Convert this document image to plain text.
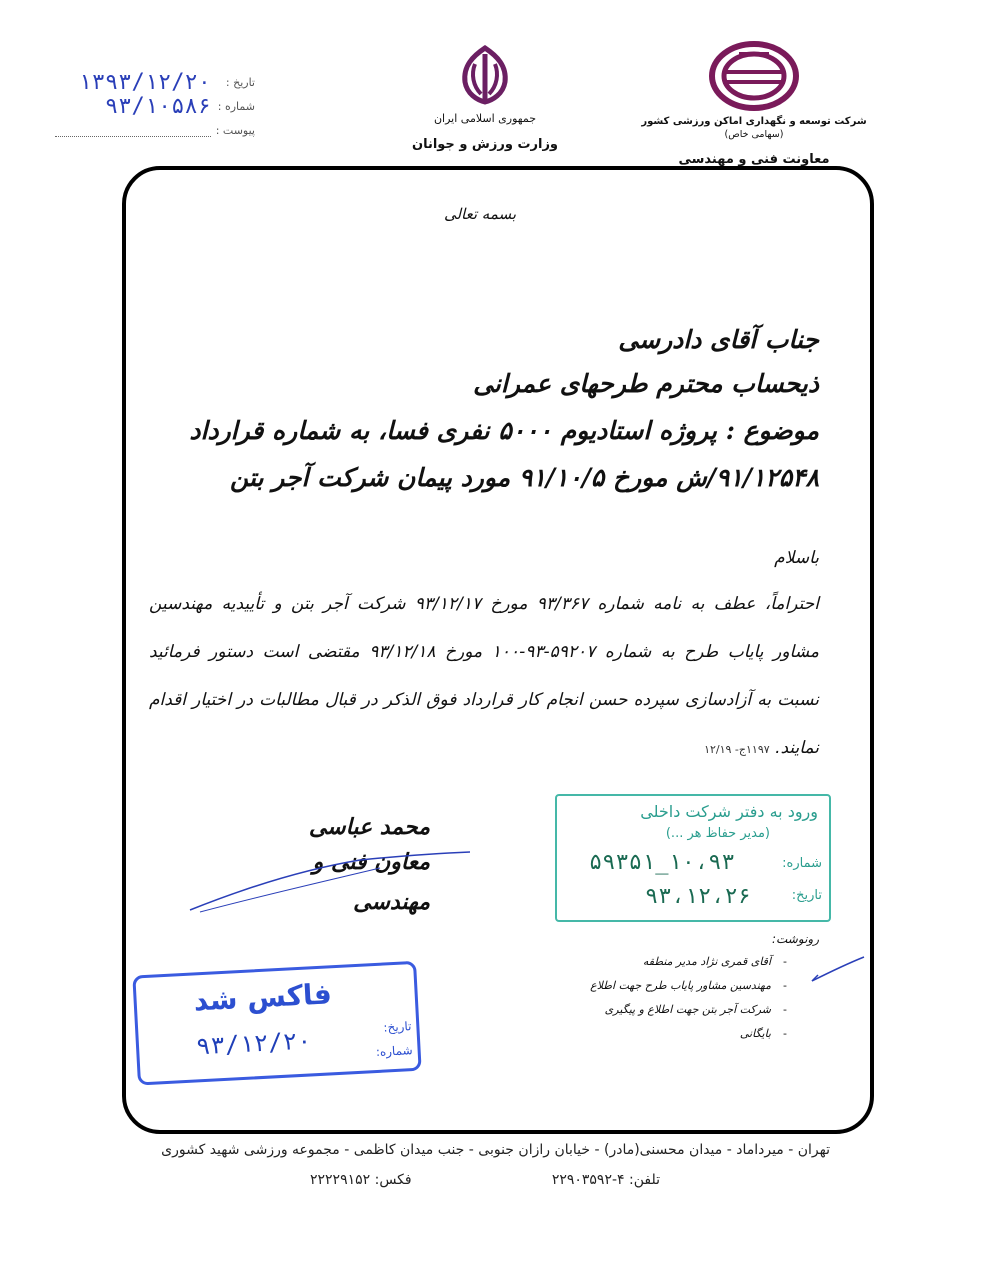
شرکت توسعه و نگهداری اماکن ورزشی کشور
(سهامی خاص)
معاونت فنی و مهندسی
جمهوری اسلامی ایران
وزارت ورزش و جوانان
تاریخ :
۱۳۹۳/۱۲/۲۰
شماره :
۹۳/۱۰۵۸۶
پیوست :
بسمه تعالی

جناب آقای دادرسی

ذیحساب محترم طرحهای عمرانی

موضوع : پروژه استادیوم ۵۰۰۰ نفری فسا، به شماره قرارداد

۹۱/۱۲۵۴۸/ش مورخ ۹۱/۱۰/۵ مورد پیمان شرکت آجر بتن

باسلام
احتراماً، عطف به نامه شماره ۹۳/۳۶۷ مورخ ۹۳/۱۲/۱۷ شرکت آجر بتن و تأییدیه مهندسین مشاور پایاب طرح به شماره ۵۹۲۰۷-۹۳-۱۰۰ مورخ ۹۳/۱۲/۱۸ مقتضی است دستور فرمائید نسبت به آزادسازی سپرده حسن انجام کار قرارداد فوق الذکر در قبال مطالبات در اختیار اقدام نمایند. ۱۱۹۷ج- ۱۲/۱۹
محمد عباسی
معاون فنی و مهندسی
ورود به دفتر شرکت داخلی
(مدیر حفاظ هر ...)
شماره:
تاریخ:
۱۰،۹۳_۵۹۳۵۱
۹۳،۱۲،۲۶
رونوشت:
-
آقای قمری نژاد مدیر منطقه
-
مهندسین مشاور پایاب طرح جهت اطلاع
-
شرکت آجر بتن جهت اطلاع و پیگیری
-
بایگانی
فاکس شد
تاریخ:
شماره:
۹۳/۱۲/۲۰
تهران - میرداماد - میدان محسنی(مادر) - خیابان رازان جنوبی - جنب میدان کاظمی - مجموعه ورزشی شهید کشوری
تلفن: ۴-۲۲۹۰۳۵۹۲
فکس: ۲۲۲۲۹۱۵۲
